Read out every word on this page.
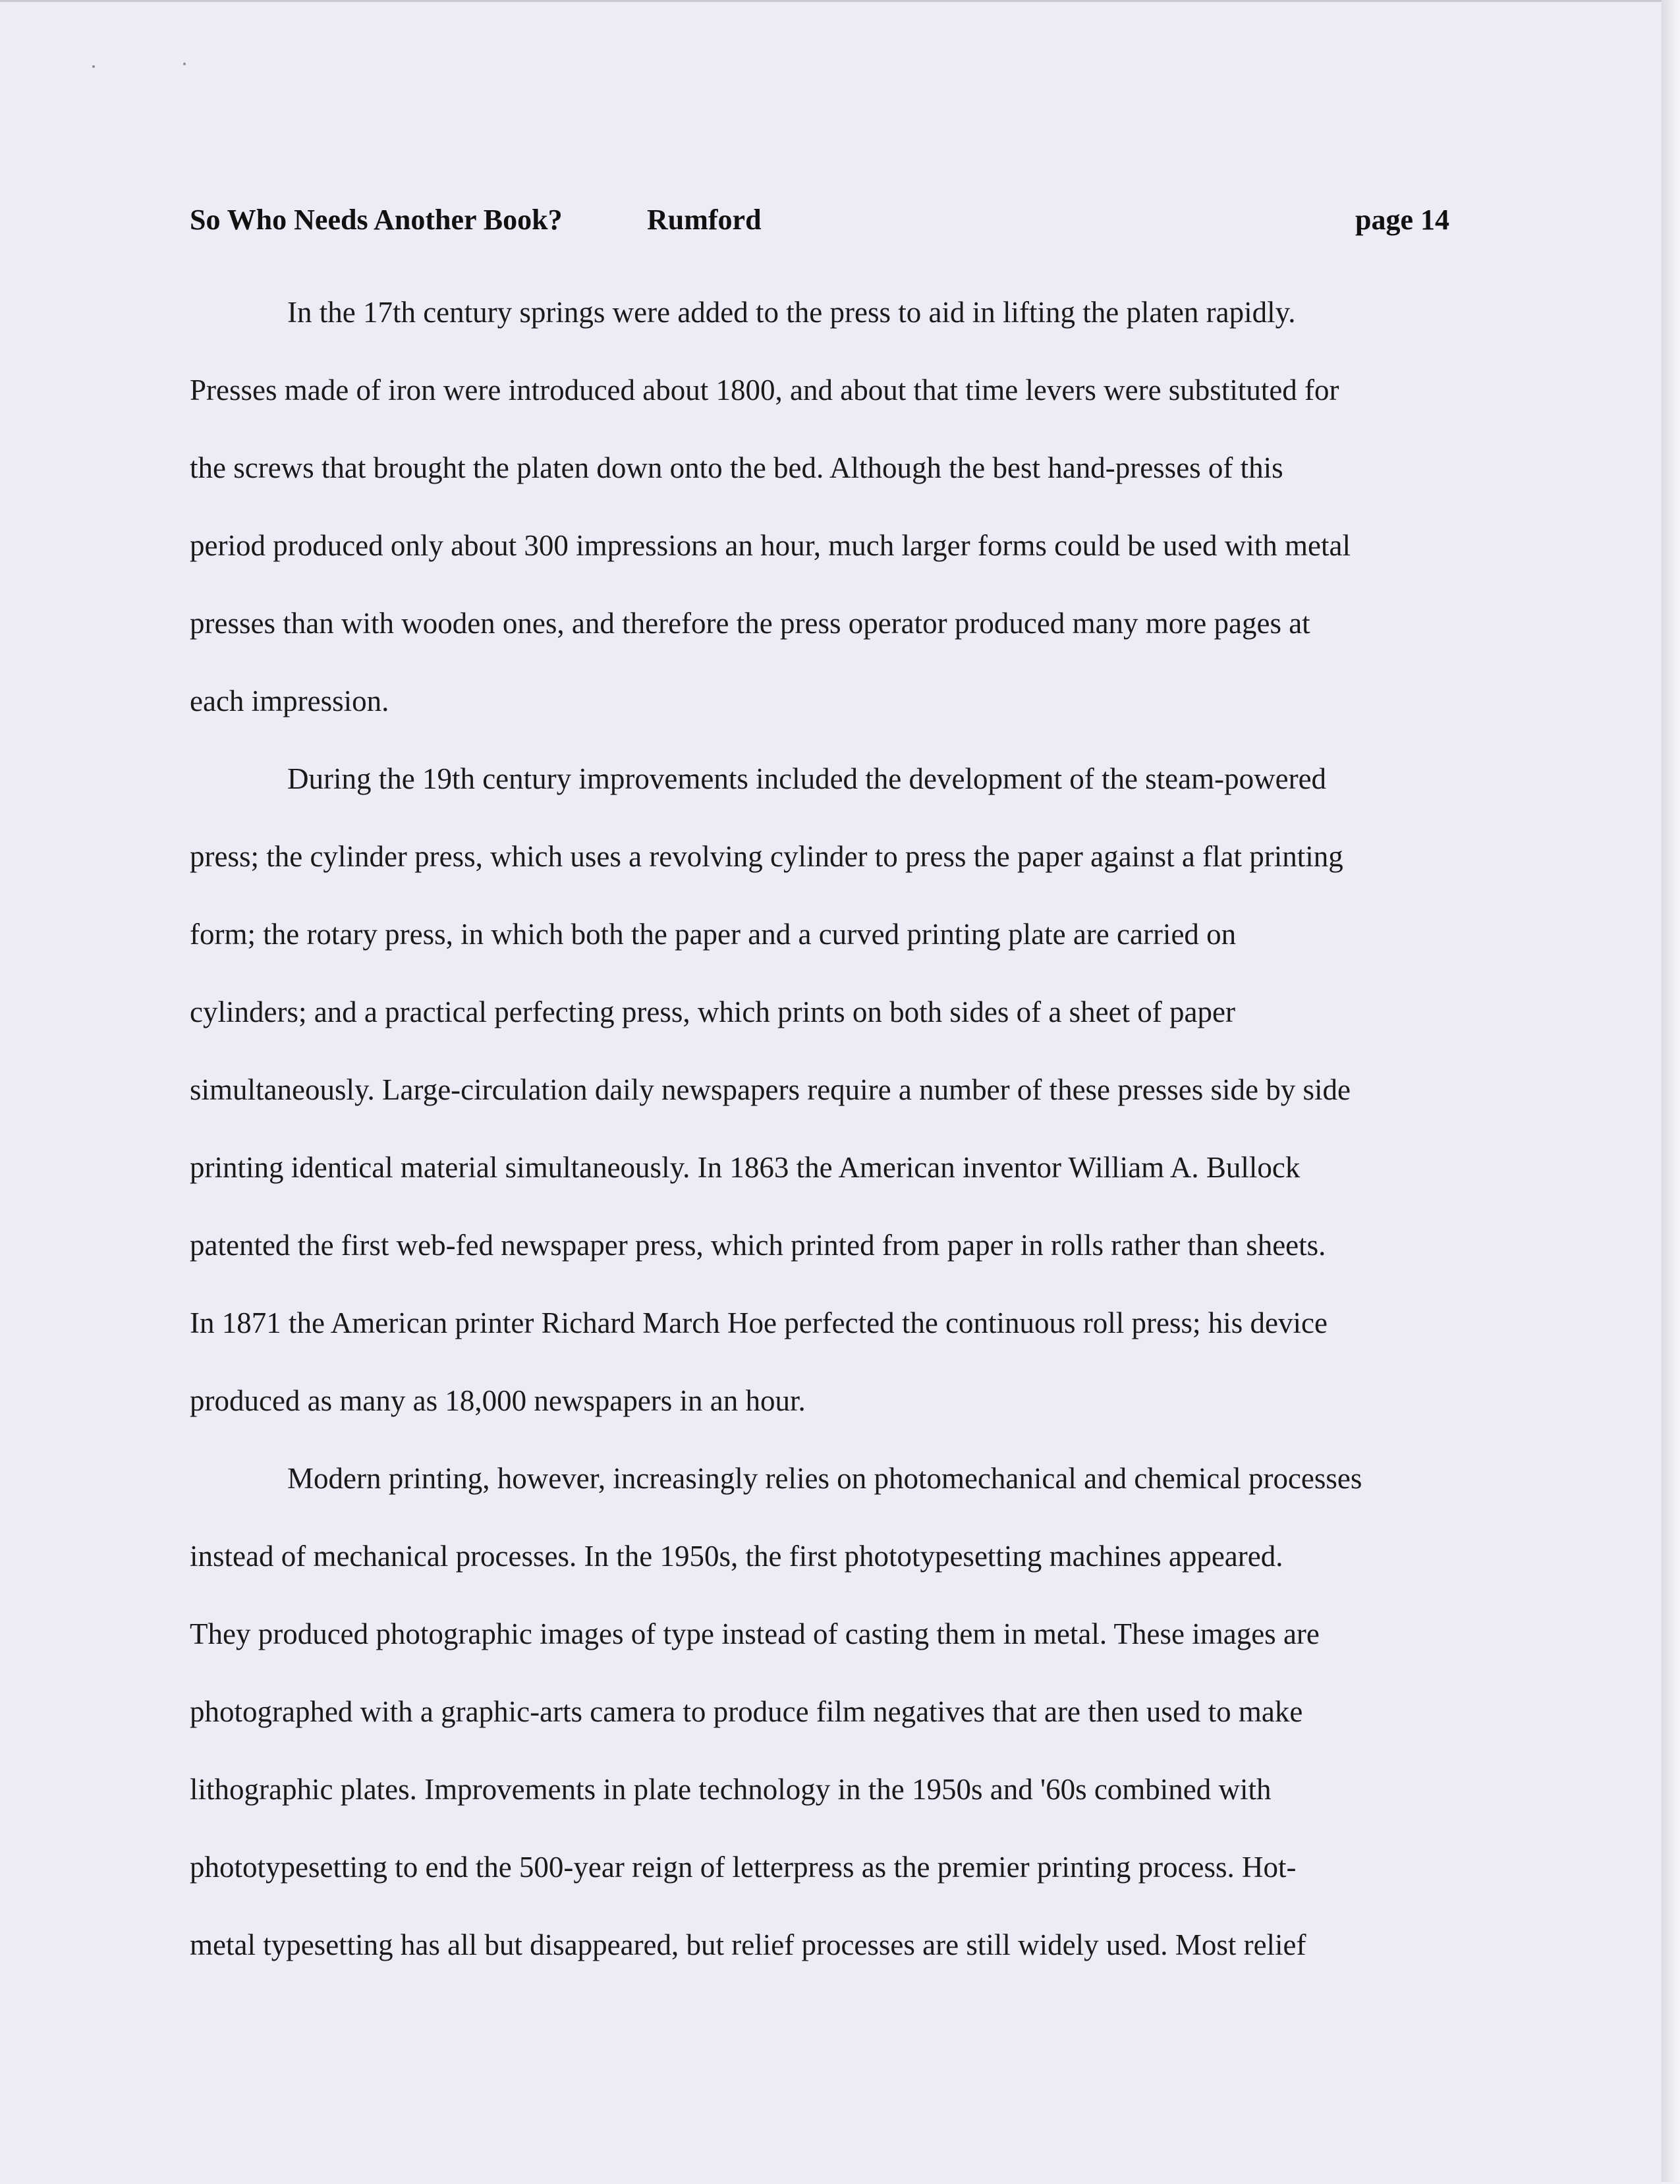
So Who Needs Another Book?	Rumford	page 14
In the 17th century springs were added to the press to aid in lifting the platen rapidly.
Presses made of iron were introduced about 1800, and about that time levers were substituted for
the screws that brought the platen down onto the bed. Although the best hand-presses of this
period produced only about 300 impressions an hour, much larger forms could be used with metal
presses than with wooden ones, and therefore the press operator produced many more pages at
each impression.
During the 19th century improvements included the development of the steam-powered
press; the cylinder press, which uses a revolving cylinder to press the paper against a flat printing
form; the rotary press, in which both the paper and a curved printing plate are carried on
cylinders; and a practical perfecting press, which prints on both sides of a sheet of paper
simultaneously. Large-circulation daily newspapers require a number of these presses side by side
printing identical material simultaneously. In 1863 the American inventor William A. Bullock
patented the first web-fed newspaper press, which printed from paper in rolls rather than sheets.
In 1871 the American printer Richard March Hoe perfected the continuous roll press; his device
produced as many as 18,000 newspapers in an hour.
Modern printing, however, increasingly relies on photomechanical and chemical processes
instead of mechanical processes. In the 1950s, the first phototypesetting machines appeared.
They produced photographic images of type instead of casting them in metal. These images are
photographed with a graphic-arts camera to produce film negatives that are then used to make
lithographic plates. Improvements in plate technology in the 1950s and '60s combined with
phototypesetting to end the 500-year reign of letterpress as the premier printing process. Hot-
metal typesetting has all but disappeared, but relief processes are still widely used. Most relief
